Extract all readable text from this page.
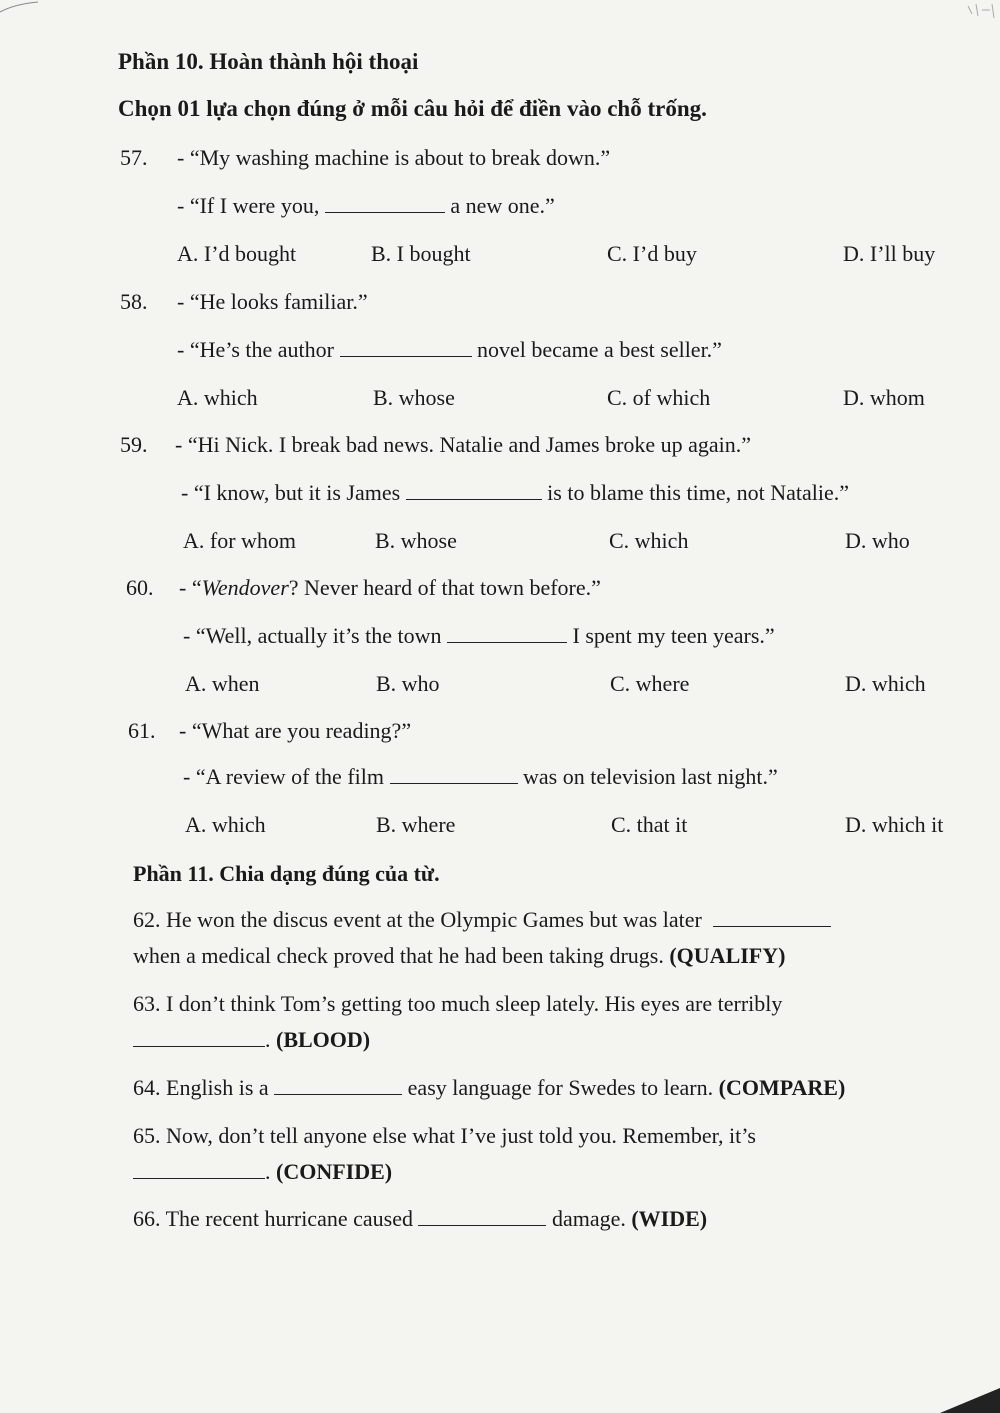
Phần 10. Hoàn thành hội thoại
Chọn 01 lựa chọn đúng ở mỗi câu hỏi để điền vào chỗ trống.
57. - “My washing machine is about to break down.”
- “If I were you,	a new one.”
A. I’d bought	B. I bought	C. I’d buy	D. I’ll buy
58. - “He looks familiar.”
- “He’s the author	novel became a best seller.”
A. which	B. whose	C. of which	D. whom
59. - “Hi Nick. I break bad news. Natalie and James broke up again.”
- “I know, but it is James	is to blame this time, not Natalie.”
A. for whom	B. whose	C. which	D. who
60. - “Wendover? Never heard of that town before.”
- “Well, actually it’s the town	I spent my teen years.”
A. when	B. who	C. where	D. which
61. - “What are you reading?”
- “A review of the film	was on television last night.”
A. which	B. where	C. that it	D. which it
Phần 11. Chia dạng đúng của từ.
62. He won the discus event at the Olympic Games but was later
when a medical check proved that he had been taking drugs. (QUALIFY)
63. I don’t think Tom’s getting too much sleep lately. His eyes are terribly
. (BLOOD)
64. English is a	easy language for Swedes to learn. (COMPARE)
65. Now, don’t tell anyone else what I’ve just told you. Remember, it’s
. (CONFIDE)
66. The recent hurricane caused	damage. (WIDE)
